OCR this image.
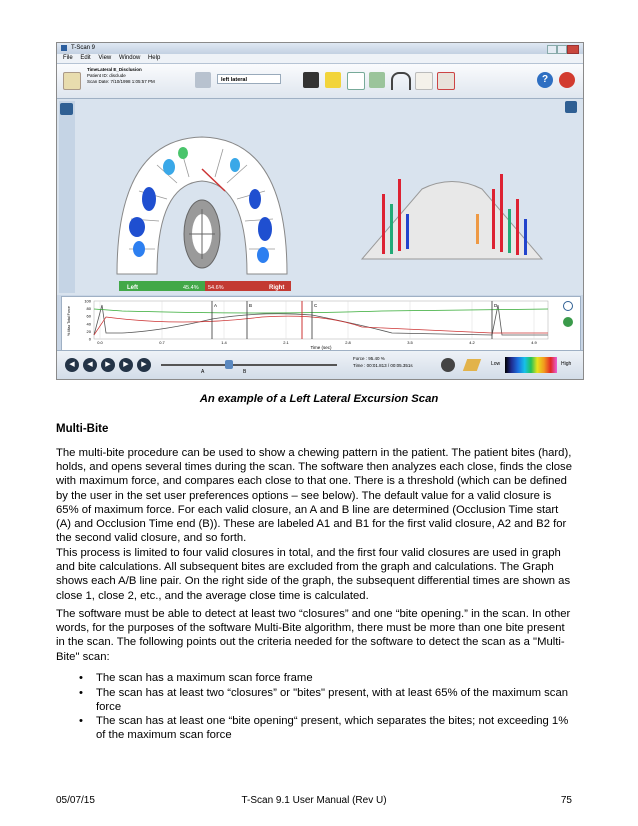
T-Scan 9
File Edit View Window Help
TimeLateral E_Disclusion
Patient ID: disclude
Scan Date: 7/10/1998 1:05:57 PM	left lateral	?
Left	45.4% 54.6%	Right
100
80
60
40
20
0
0.0	0.7	1.4	2.1	2.8	3.5	4.2	4.9
% Max Total Force
Time (sec)
A	B	C	D
◀	◀	▶	▶	▶
A	B
Force : 95.40 %
Time : 00:01.813 / 00:05.351s	Low	High
An example of a Left Lateral Excursion Scan
Multi-Bite
The multi-bite procedure can be used to show a chewing pattern in the patient. The patient bites (hard), holds, and opens several times during the scan. The software then analyzes each close, finds the close with maximum force, and compares each close to that one. There is a threshold (which can be defined by the user in the set user preferences options – see below). The default value for a valid closure is 65% of maximum force. For each valid closure, an A and B line are determined (Occlusion Time start (A) and Occlusion Time end (B)). These are labeled A1 and B1 for the first valid closure, A2 and B2 for the second valid closure, and so forth.
This process is limited to four valid closures in total, and the first four valid closures are used in graph and bite calculations. All subsequent bites are excluded from the graph and calculations. The Graph shows each A/B line pair. On the right side of the graph, the subsequent differential times are shown as close 1, close 2, etc., and the average close time is calculated.
The software must be able to detect at least two “closures” and one “bite opening.” in the scan. In other words, for the purposes of the software Multi-Bite algorithm, there must be more than one bite present in the scan. The following points out the criteria needed for the software to detect the scan as a "Multi-Bite" scan:
• The scan has a maximum scan force frame
• The scan has at least two “closures” or "bites" present, with at least 65% of the maximum scan force
• The scan has at least one “bite opening“ present, which separates the bites; not exceeding 1% of the maximum scan force
05/07/15	T-Scan 9.1 User Manual (Rev U)	75
